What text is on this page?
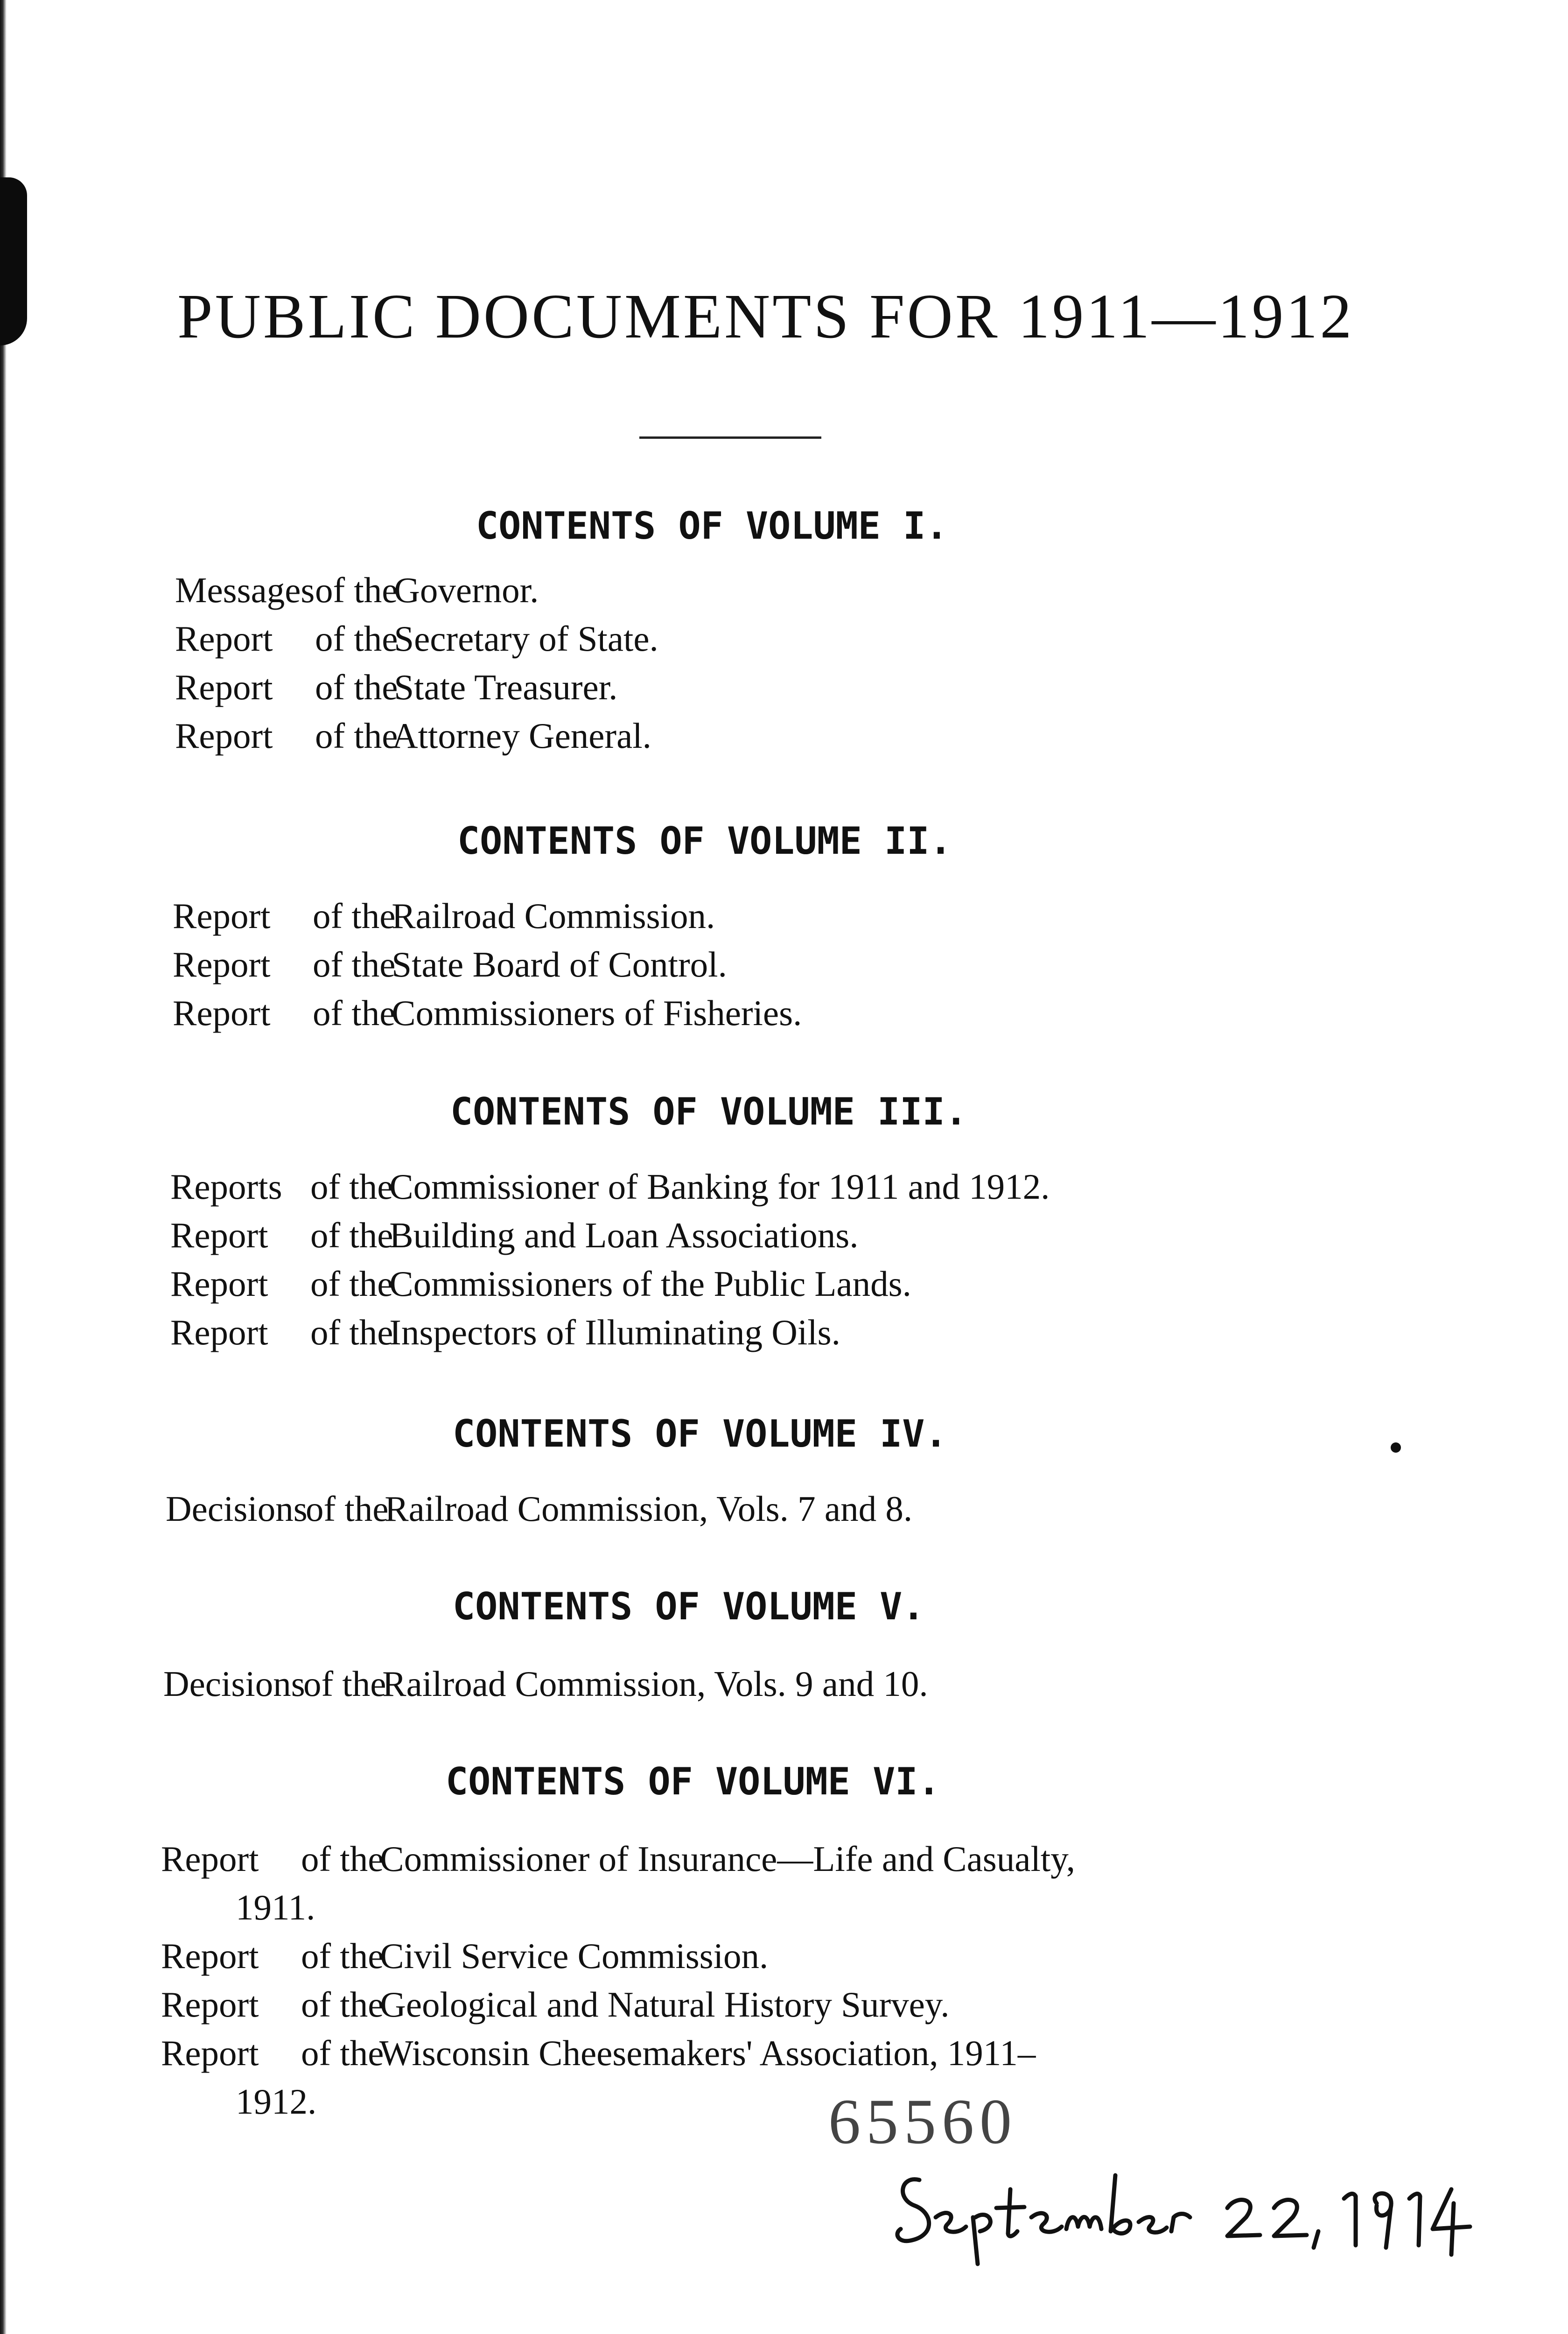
PUBLIC DOCUMENTS FOR 1911—1912
CONTENTS OF VOLUME I.
Messagesof the Governor.
Report of the Secretary of State.
Report of the State Treasurer.
Report of the Attorney General.
CONTENTS OF VOLUME II.
Report of the Railroad Commission.
Report of the State Board of Control.
Report of the Commissioners of Fisheries.
CONTENTS OF VOLUME III.
Reports of the Commissioner of Banking for 1911 and 1912.
Report of the Building and Loan Associations.
Report of the Commissioners of the Public Lands.
Report of the Inspectors of Illuminating Oils.
CONTENTS OF VOLUME IV.
Decisionsof the Railroad Commission, Vols. 7 and 8.
CONTENTS OF VOLUME V.
Decisionsof the Railroad Commission, Vols. 9 and 10.
CONTENTS OF VOLUME VI.
Report of the Commissioner of Insurance—Life and Casualty,
1911.
Report of the Civil Service Commission.
Report of the Geological and Natural History Survey.
Report of the Wisconsin Cheesemakers' Association, 1911–
1912.	65560
